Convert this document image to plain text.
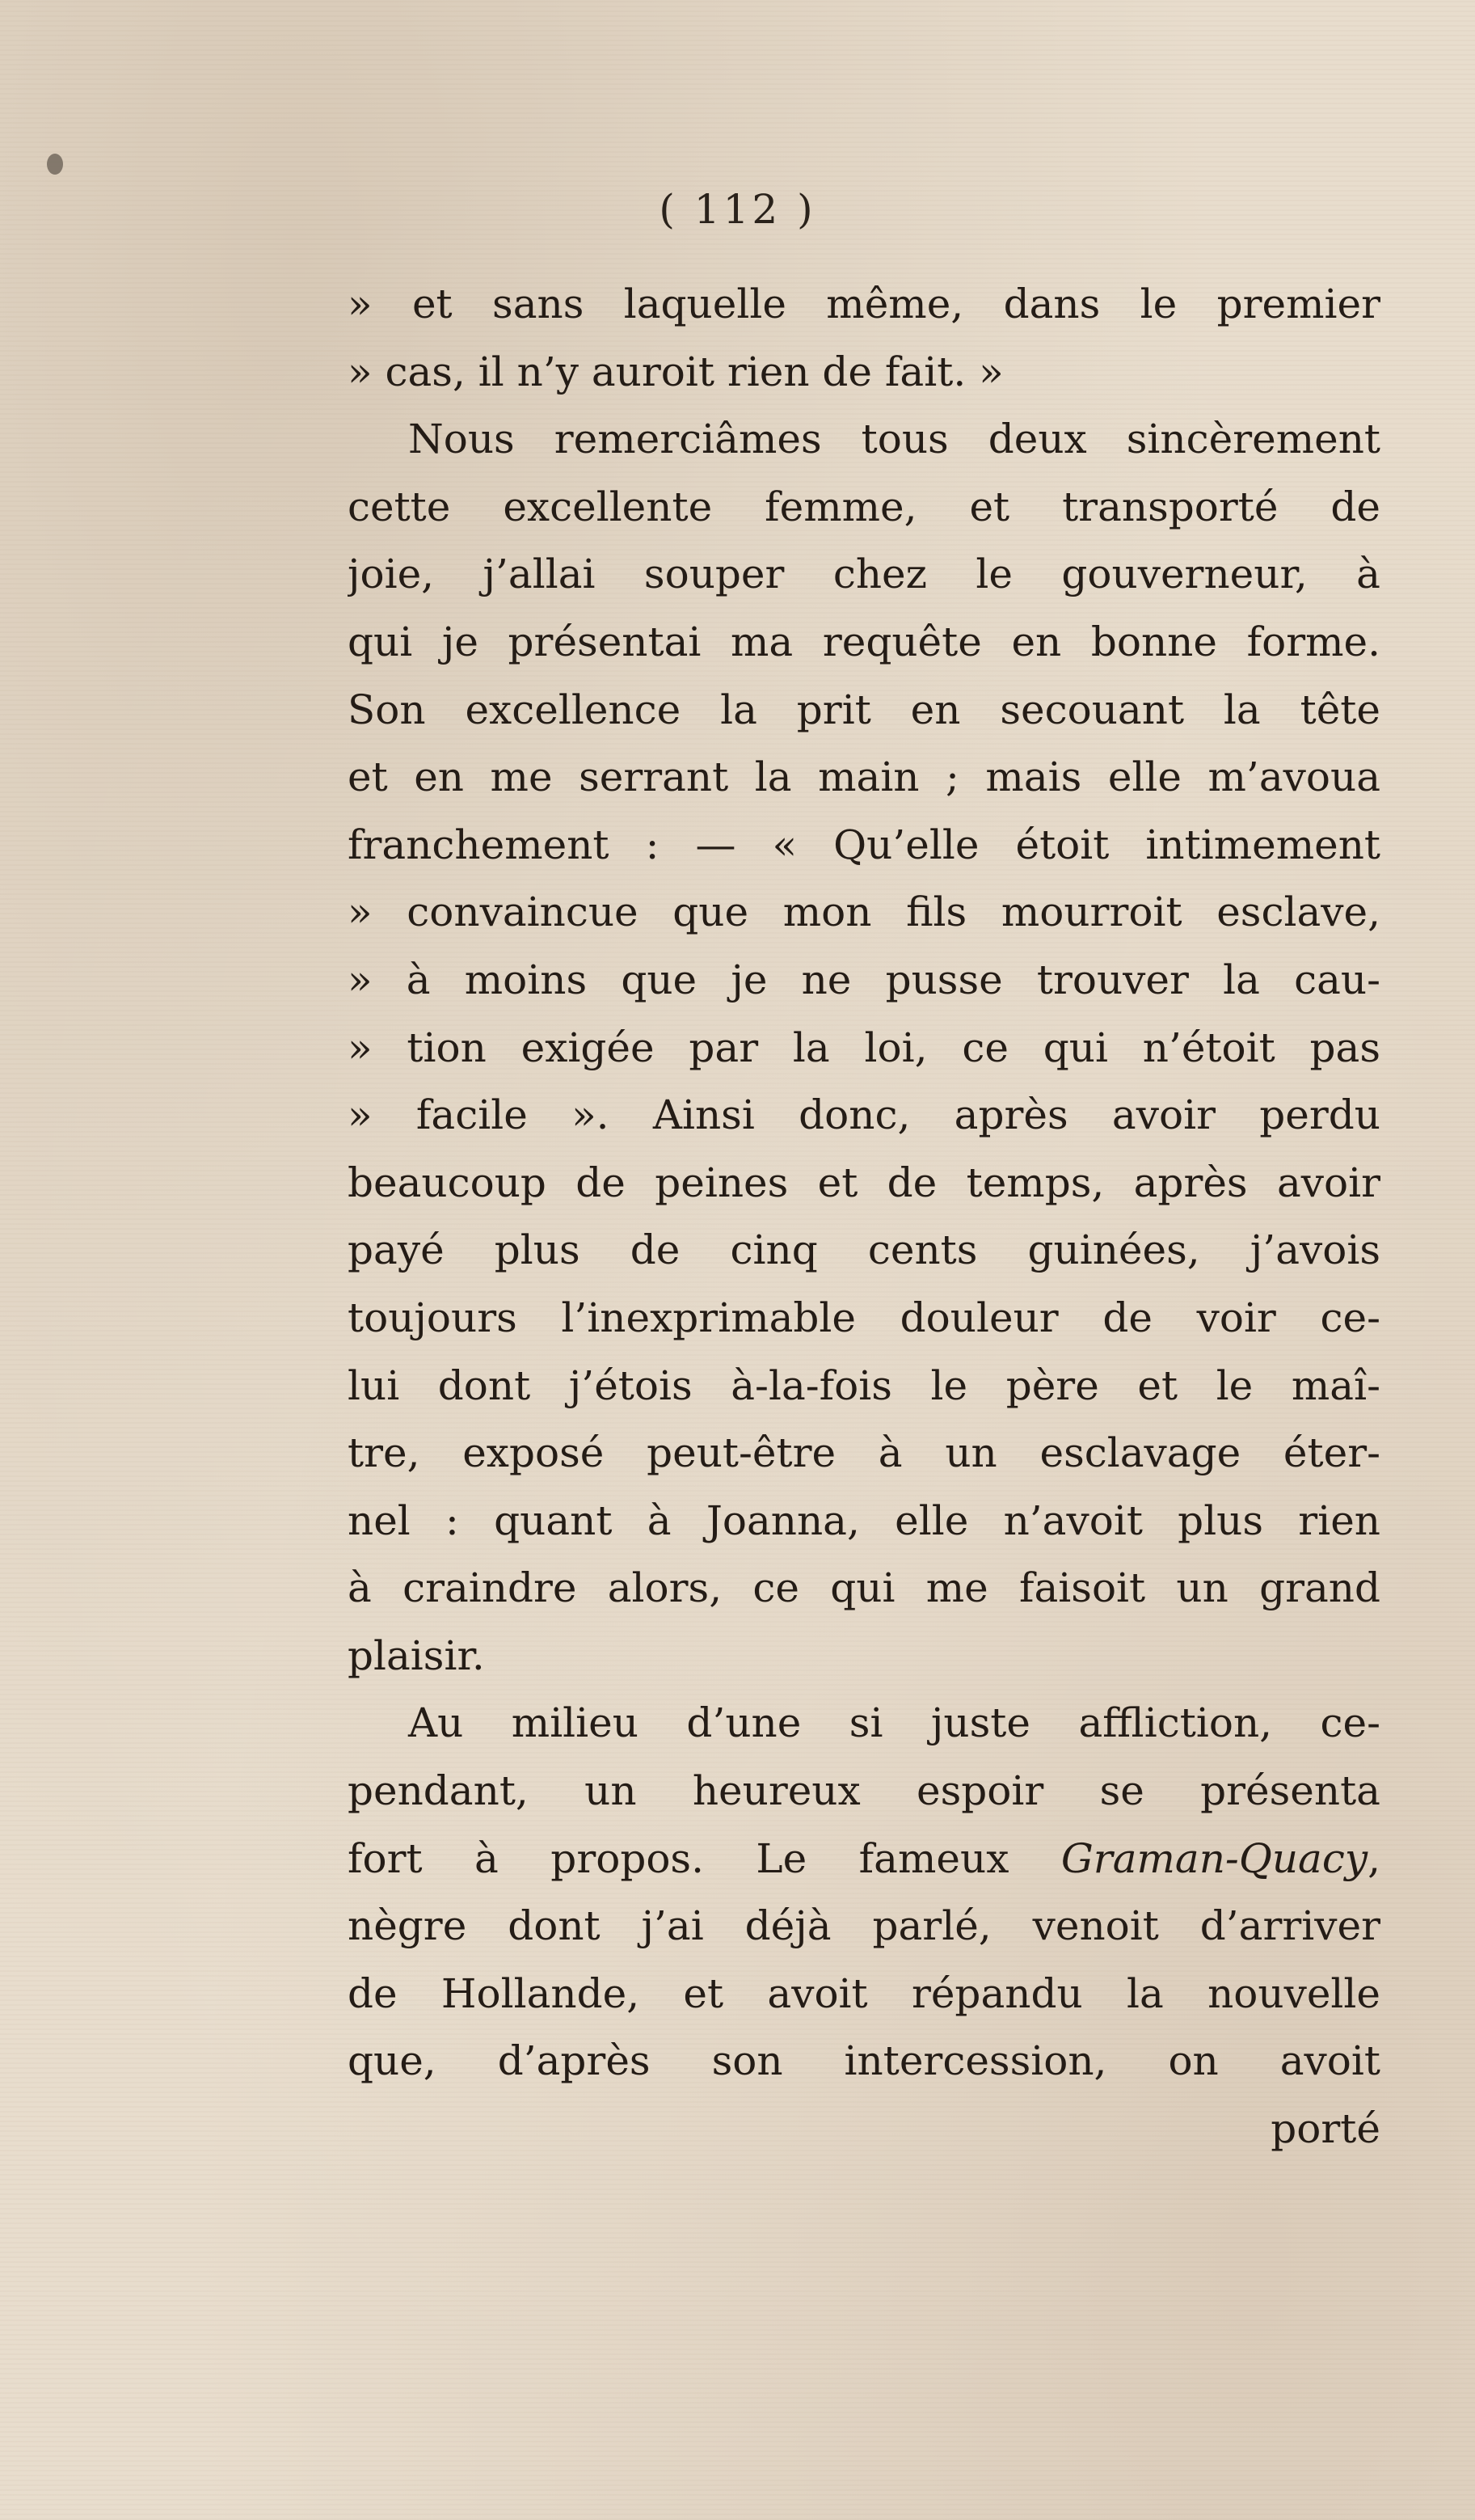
( 112 )
» et sans laquelle même, dans le premier
» cas, il n’y auroit rien de fait. »
Nous remerciâmes tous deux sincèrement
cette excellente femme, et transporté de
joie, j’allai souper chez le gouverneur, à
qui je présentai ma requête en bonne forme.
Son excellence la prit en secouant la tête
et en me serrant la main ; mais elle m’avoua
franchement : — « Qu’elle étoit intimement
» convaincue que mon fils mourroit esclave,
» à moins que je ne pusse trouver la cau-
» tion exigée par la loi, ce qui n’étoit pas
» facile ». Ainsi donc, après avoir perdu
beaucoup de peines et de temps, après avoir
payé plus de cinq cents guinées, j’avois
toujours l’inexprimable douleur de voir ce-
lui dont j’étois à-la-fois le père et le maî-
tre, exposé peut-être à un esclavage éter-
nel : quant à Joanna, elle n’avoit plus rien
à craindre alors, ce qui me faisoit un grand
plaisir.
Au milieu d’une si juste affliction, ce-
pendant, un heureux espoir se présenta
fort à propos. Le fameux Graman-Quacy,
nègre dont j’ai déjà parlé, venoit d’arriver
de Hollande, et avoit répandu la nouvelle
que, d’après son intercession, on avoit
porté
